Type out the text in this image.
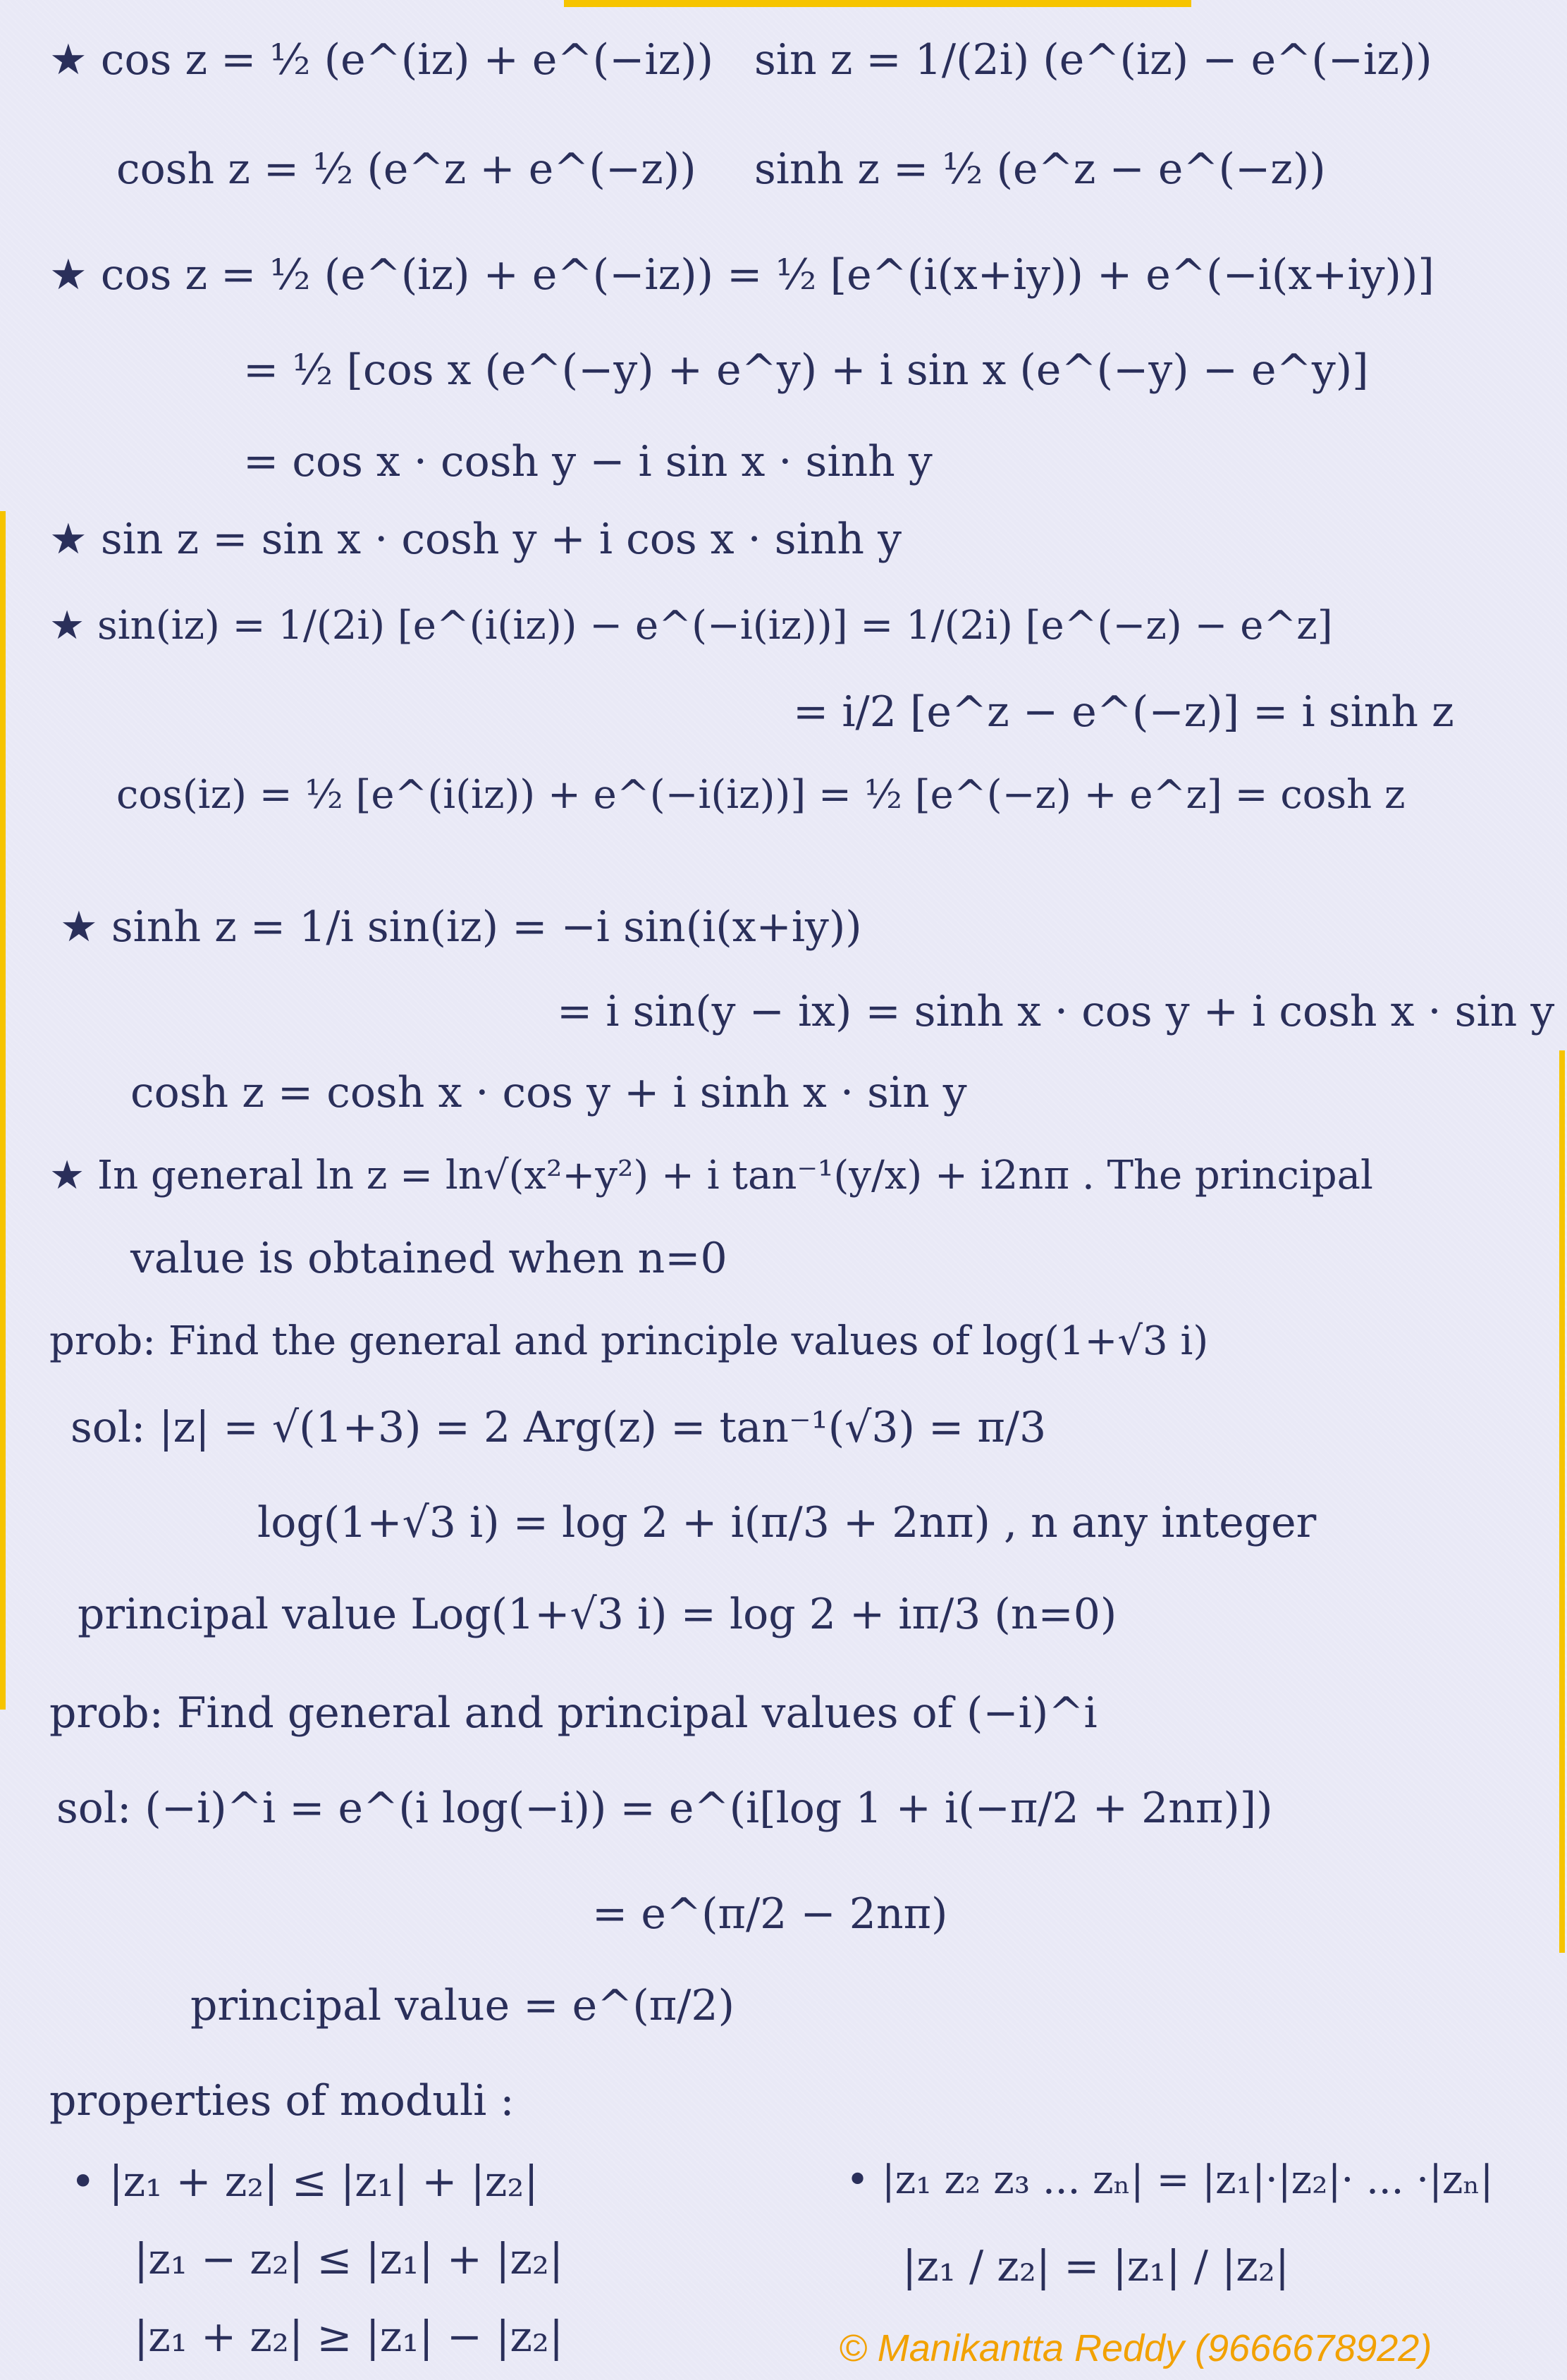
★ cos z = ½ (e^(iz) + e^(−iz)) sin z = 1/(2i) (e^(iz) − e^(−iz))
cosh z = ½ (e^z + e^(−z)) sinh z = ½ (e^z − e^(−z))
★ cos z = ½ (e^(iz) + e^(−iz)) = ½ [e^(i(x+iy)) + e^(−i(x+iy))]
= ½ [cos x (e^(−y) + e^y) + i sin x (e^(−y) − e^y)]
= cos x · cosh y − i sin x · sinh y
★ sin z = sin x · cosh y + i cos x · sinh y
★ sin(iz) = 1/(2i) [e^(i(iz)) − e^(−i(iz))] = 1/(2i) [e^(−z) − e^z]
= i/2 [e^z − e^(−z)] = i sinh z
cos(iz) = ½ [e^(i(iz)) + e^(−i(iz))] = ½ [e^(−z) + e^z] = cosh z
★ sinh z = 1/i sin(iz) = −i sin(i(x+iy))
= i sin(y − ix) = sinh x · cos y + i cosh x · sin y
cosh z = cosh x · cos y + i sinh x · sin y
★ In general ln z = ln√(x²+y²) + i tan⁻¹(y/x) + i2nπ . The principal
value is obtained when n=0
prob: Find the general and principle values of log(1+√3 i)
sol: |z| = √(1+3) = 2 Arg(z) = tan⁻¹(√3) = π/3
log(1+√3 i) = log 2 + i(π/3 + 2nπ) , n any integer
principal value Log(1+√3 i) = log 2 + iπ/3 (n=0)
prob: Find general and principal values of (−i)^i
sol: (−i)^i = e^(i log(−i)) = e^(i[log 1 + i(−π/2 + 2nπ)])
= e^(π/2 − 2nπ)
principal value = e^(π/2)
properties of moduli :
• |z₁ + z₂| ≤ |z₁| + |z₂|
|z₁ − z₂| ≤ |z₁| + |z₂|
|z₁ + z₂| ≥ |z₁| − |z₂|
• |z₁ z₂ z₃ ... zₙ| = |z₁|·|z₂|· ... ·|zₙ|
|z₁ / z₂| = |z₁| / |z₂|
© Manikantta Reddy (9666678922)
